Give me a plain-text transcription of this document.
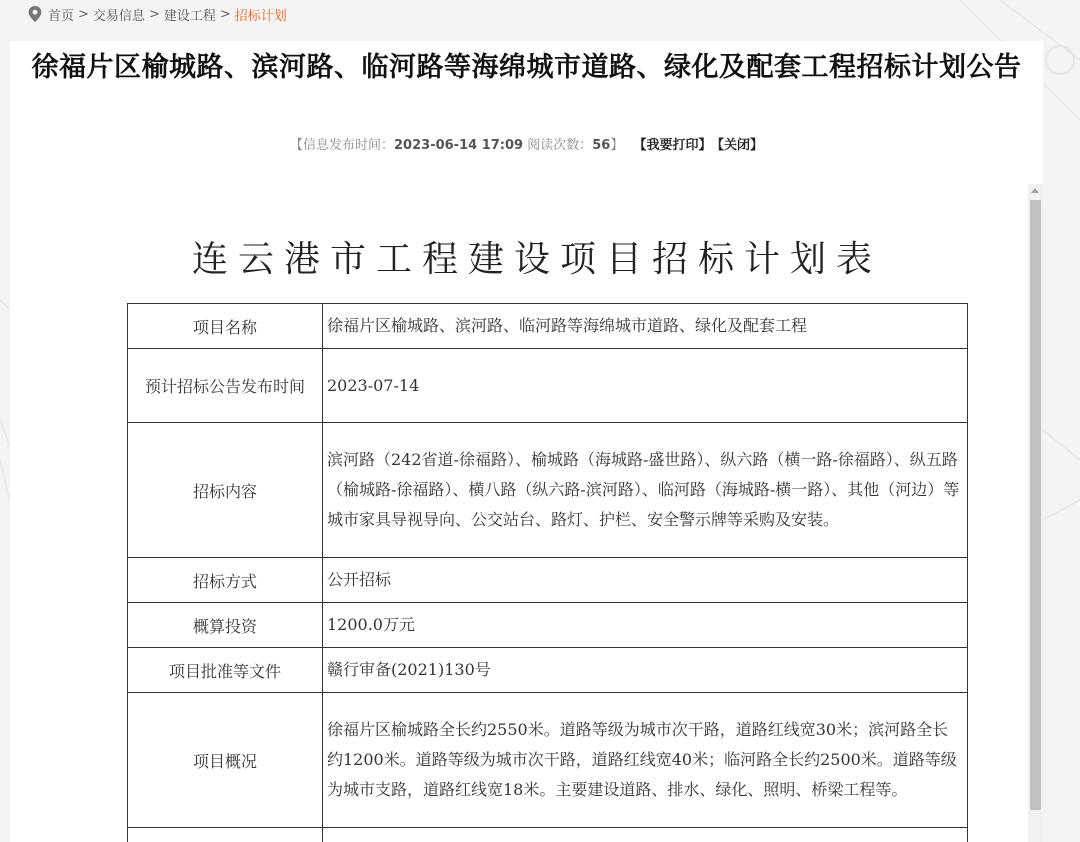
首页 > 交易信息 > 建设工程 > 招标计划
徐福片区榆城路、滨河路、临河路等海绵城市道路、绿化及配套工程招标计划公告
【信息发布时间：2023-06-14 17:09 阅读次数：56】 【我要打印】 【关闭】
连云港市工程建设项目招标计划表
项目名称	徐福片区榆城路、滨河路、临河路等海绵城市道路、绿化及配套工程
预计招标公告发布时间	2023-07-14
招标内容	滨河路（242省道-徐福路）、榆城路（海城路-盛世路）、纵六路（横一路-徐福路）、纵五路（榆城路-徐福路）、横八路（纵六路-滨河路）、临河路（海城路-横一路）、其他（河边）等城市家具导视导向、公交站台、路灯、护栏、安全警示牌等采购及安装。
招标方式	公开招标
概算投资	1200.0万元
项目批准等文件	赣行审备(2021)130号
项目概况	徐福片区榆城路全长约2550米。道路等级为城市次干路，道路红线宽30米；滨河路全长约1200米。道路等级为城市次干路，道路红线宽40米；临河路全长约2500米。道路等级为城市支路，道路红线宽18米。主要建设道路、排水、绿化、照明、桥梁工程等。
